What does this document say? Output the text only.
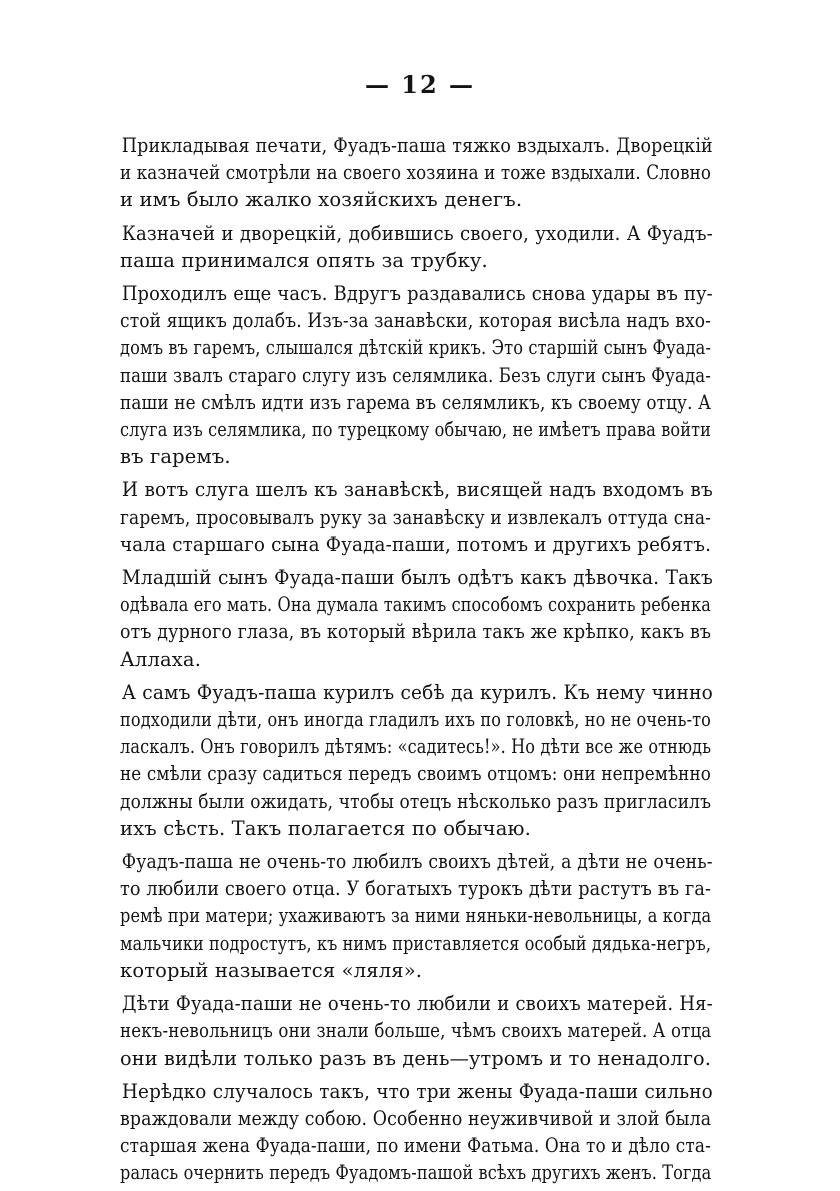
— 12 —
Прикладывая печати, Фуадъ-паша тяжко вздыхалъ. Дворецкій
и казначей смотрѣли на своего хозяина и тоже вздыхали. Словно
и имъ было жалко хозяйскихъ денегъ.
Казначей и дворецкій, добившись своего, уходили. А Фуадъ-
паша принимался опять за трубку.
Проходилъ еще часъ. Вдругъ раздавались снова удары въ пу-
стой ящикъ долабъ. Изъ-за занавѣски, которая висѣла надъ вхо-
домъ въ гаремъ, слышался дѣтскій крикъ. Это старшій сынъ Фуада-
паши звалъ стараго слугу изъ селямлика. Безъ слуги сынъ Фуада-
паши не смѣлъ идти изъ гарема въ селямликъ, къ своему отцу. А
слуга изъ селямлика, по турецкому обычаю, не имѣетъ права войти
въ гаремъ.
И вотъ слуга шелъ къ занавѣскѣ, висящей надъ входомъ въ
гаремъ, просовывалъ руку за занавѣску и извлекалъ оттуда сна-
чала старшаго сына Фуада-паши, потомъ и другихъ ребятъ.
Младшій сынъ Фуада-паши былъ одѣтъ какъ дѣвочка. Такъ
одѣвала его мать. Она думала такимъ способомъ сохранить ребенка
отъ дурного глаза, въ который вѣрила такъ же крѣпко, какъ въ
Аллаха.
А самъ Фуадъ-паша курилъ себѣ да курилъ. Къ нему чинно
подходили дѣти, онъ иногда гладилъ ихъ по головкѣ, но не очень-то
ласкалъ. Онъ говорилъ дѣтямъ: «садитесь!». Но дѣти все же отнюдь
не смѣли сразу садиться передъ своимъ отцомъ: они непремѣнно
должны были ожидать, чтобы отецъ нѣсколько разъ пригласилъ
ихъ сѣсть. Такъ полагается по обычаю.
Фуадъ-паша не очень-то любилъ своихъ дѣтей, а дѣти не очень-
то любили своего отца. У богатыхъ турокъ дѣти растутъ въ га-
ремѣ при матери; ухаживаютъ за ними няньки-невольницы, а когда
мальчики подростутъ, къ нимъ приставляется особый дядька-негръ,
который называется «ляля».
Дѣти Фуада-паши не очень-то любили и своихъ матерей. Ня-
некъ-невольницъ они знали больше, чѣмъ своихъ матерей. А отца
они видѣли только разъ въ день—утромъ и то ненадолго.
Нерѣдко случалось такъ, что три жены Фуада-паши сильно
враждовали между собою. Особенно неуживчивой и злой была
старшая жена Фуада-паши, по имени Фатьма. Она то и дѣло ста-
ралась очернить передъ Фуадомъ-пашой всѣхъ другихъ женъ. Тогда
